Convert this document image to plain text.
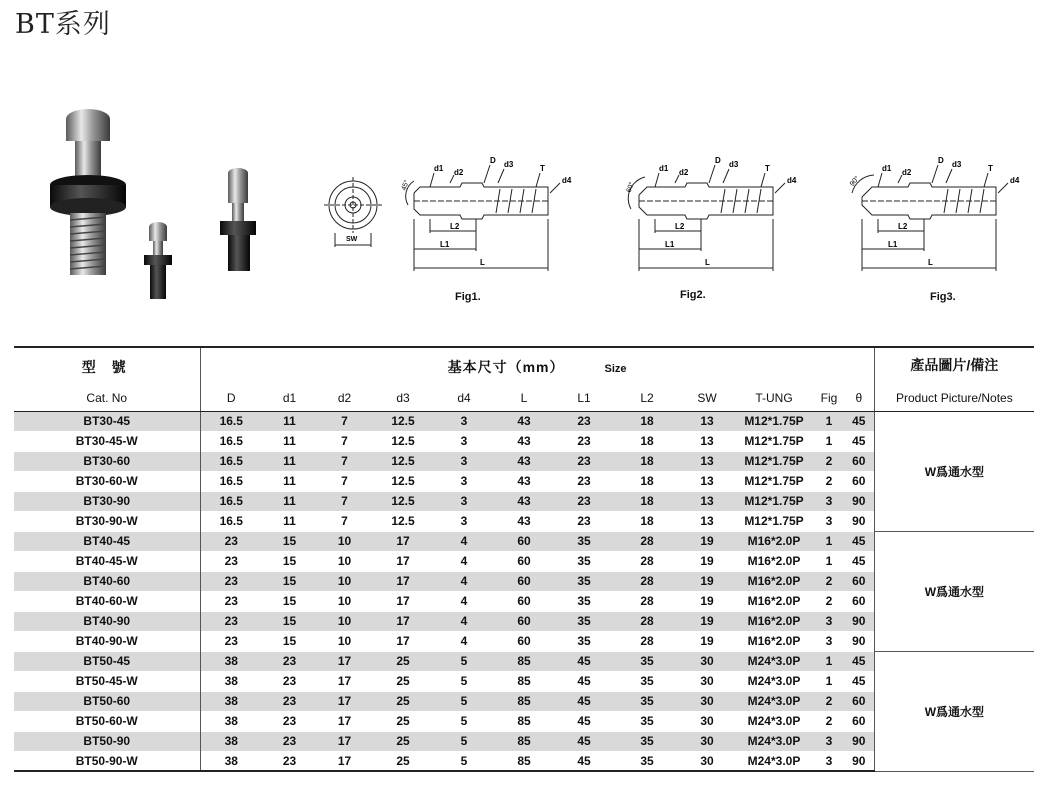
BT系列
SW
45°
d1 d2
D d3	T
d4
L2
L1
L
Fig1.
60°
d1 d2
D d3	T
d4
L2
L1
L
Fig2.
90°
d1 d2
D d3	T
d4
L2
L1
L
Fig3.
型 號	基本尺寸（mm） Size												產品圖片/備注

Cat. No	D	d1	d2	d3	d4	L	L1	L2	SW	T-UNG	Fig	θ	Product Picture/Notes
BT30-45	16.5	11	7	12.5	3	43	23	18	13	M12*1.75P	1	45	W爲通水型
BT30-45-W	16.5	11	7	12.5	3	43	23	18	13	M12*1.75P	1	45	
BT30-60	16.5	11	7	12.5	3	43	23	18	13	M12*1.75P	2	60	
BT30-60-W	16.5	11	7	12.5	3	43	23	18	13	M12*1.75P	2	60	
BT30-90	16.5	11	7	12.5	3	43	23	18	13	M12*1.75P	3	90	
BT30-90-W	16.5	11	7	12.5	3	43	23	18	13	M12*1.75P	3	90	
BT40-45	23	15	10	17	4	60	35	28	19	M16*2.0P	1	45	W爲通水型
BT40-45-W	23	15	10	17	4	60	35	28	19	M16*2.0P	1	45	
BT40-60	23	15	10	17	4	60	35	28	19	M16*2.0P	2	60	
BT40-60-W	23	15	10	17	4	60	35	28	19	M16*2.0P	2	60	
BT40-90	23	15	10	17	4	60	35	28	19	M16*2.0P	3	90	
BT40-90-W	23	15	10	17	4	60	35	28	19	M16*2.0P	3	90	
BT50-45	38	23	17	25	5	85	45	35	30	M24*3.0P	1	45	W爲通水型
BT50-45-W	38	23	17	25	5	85	45	35	30	M24*3.0P	1	45	
BT50-60	38	23	17	25	5	85	45	35	30	M24*3.0P	2	60	
BT50-60-W	38	23	17	25	5	85	45	35	30	M24*3.0P	2	60	
BT50-90	38	23	17	25	5	85	45	35	30	M24*3.0P	3	90	
BT50-90-W	38	23	17	25	5	85	45	35	30	M24*3.0P	3	90	
